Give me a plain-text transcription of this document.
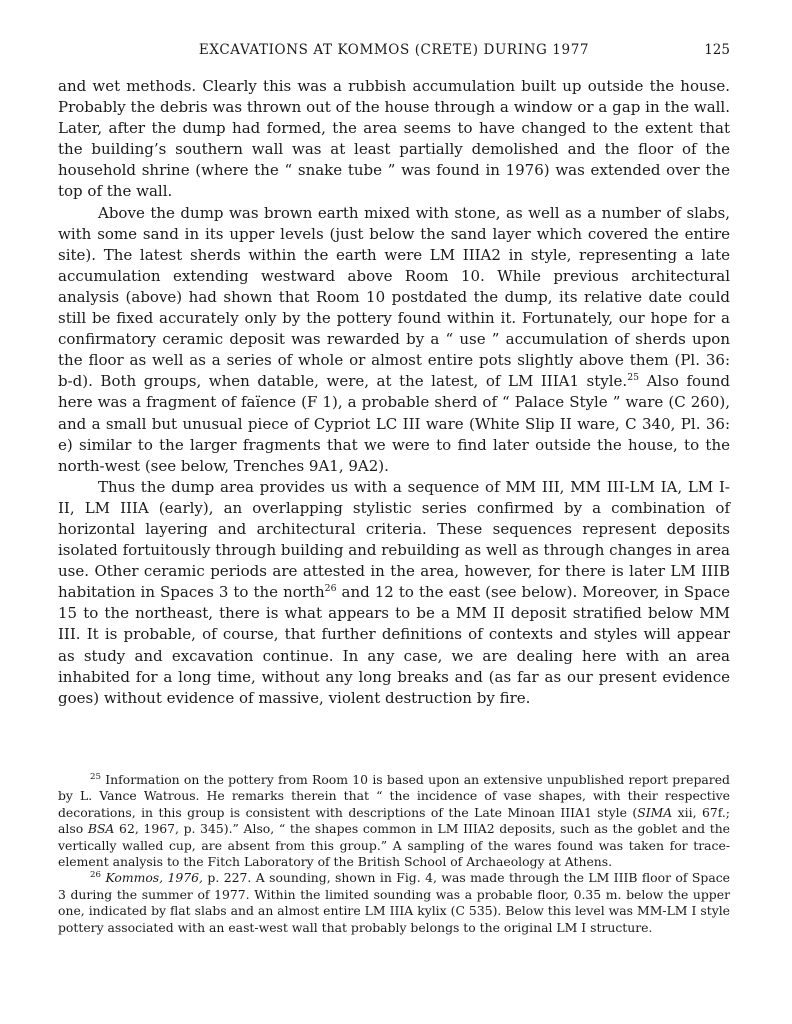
EXCAVATIONS AT KOMMOS (CRETE) DURING 1977	125

and wet methods. Clearly this was a rubbish accumulation built up outside the house. Probably the debris was thrown out of the house through a window or a gap in the wall. Later, after the dump had formed, the area seems to have changed to the extent that the building’s southern wall was at least partially demolished and the floor of the household shrine (where the “ snake tube ” was found in 1976) was extended over the top of the wall.

Above the dump was brown earth mixed with stone, as well as a number of slabs, with some sand in its upper levels (just below the sand layer which covered the entire site). The latest sherds within the earth were LM IIIA2 in style, representing a late accumulation extending westward above Room 10. While previous architectural analysis (above) had shown that Room 10 postdated the dump, its relative date could still be fixed accurately only by the pottery found within it. Fortunately, our hope for a confirmatory ceramic deposit was rewarded by a “ use ” accumulation of sherds upon the floor as well as a series of whole or almost entire pots slightly above them (Pl. 36: b-d). Both groups, when datable, were, at the latest, of LM IIIA1 style.$^{25}$ Also found here was a fragment of faïence (F 1), a probable sherd of “ Palace Style ” ware (C 260), and a small but unusual piece of Cypriot LC III ware (White Slip II ware, C 340, Pl. 36: e) similar to the larger fragments that we were to find later outside the house, to the north-west (see below, Trenches 9A1, 9A2).

Thus the dump area provides us with a sequence of MM III, MM III-LM IA, LM I-II, LM IIIA (early), an overlapping stylistic series confirmed by a combination of horizontal layering and architectural criteria. These sequences represent deposits isolated fortuitously through building and rebuilding as well as through changes in area use. Other ceramic periods are attested in the area, however, for there is later LM IIIB habitation in Spaces 3 to the north$^{26}$ and 12 to the east (see below). Moreover, in Space 15 to the northeast, there is what appears to be a MM II deposit stratified below MM III. It is probable, of course, that further definitions of contexts and styles will appear as study and excavation continue. In any case, we are dealing here with an area inhabited for a long time, without any long breaks and (as far as our present evidence goes) without evidence of massive, violent destruction by fire.

$^{25}$ Information on the pottery from Room 10 is based upon an extensive unpublished report prepared by L. Vance Watrous. He remarks therein that “ the incidence of vase shapes, with their respective decorations, in this group is consistent with descriptions of the Late Minoan IIIA1 style (SIMA xii, 67f.; also BSA 62, 1967, p. 345).” Also, “ the shapes common in LM IIIA2 deposits, such as the goblet and the vertically walled cup, are absent from this group.” A sampling of the wares found was taken for trace-element analysis to the Fitch Laboratory of the British School of Archaeology at Athens.

$^{26}$ Kommos, 1976, p. 227. A sounding, shown in Fig. 4, was made through the LM IIIB floor of Space 3 during the summer of 1977. Within the limited sounding was a probable floor, 0.35 m. below the upper one, indicated by flat slabs and an almost entire LM IIIA kylix (C 535). Below this level was MM-LM I style pottery associated with an east-west wall that probably belongs to the original LM I structure.
